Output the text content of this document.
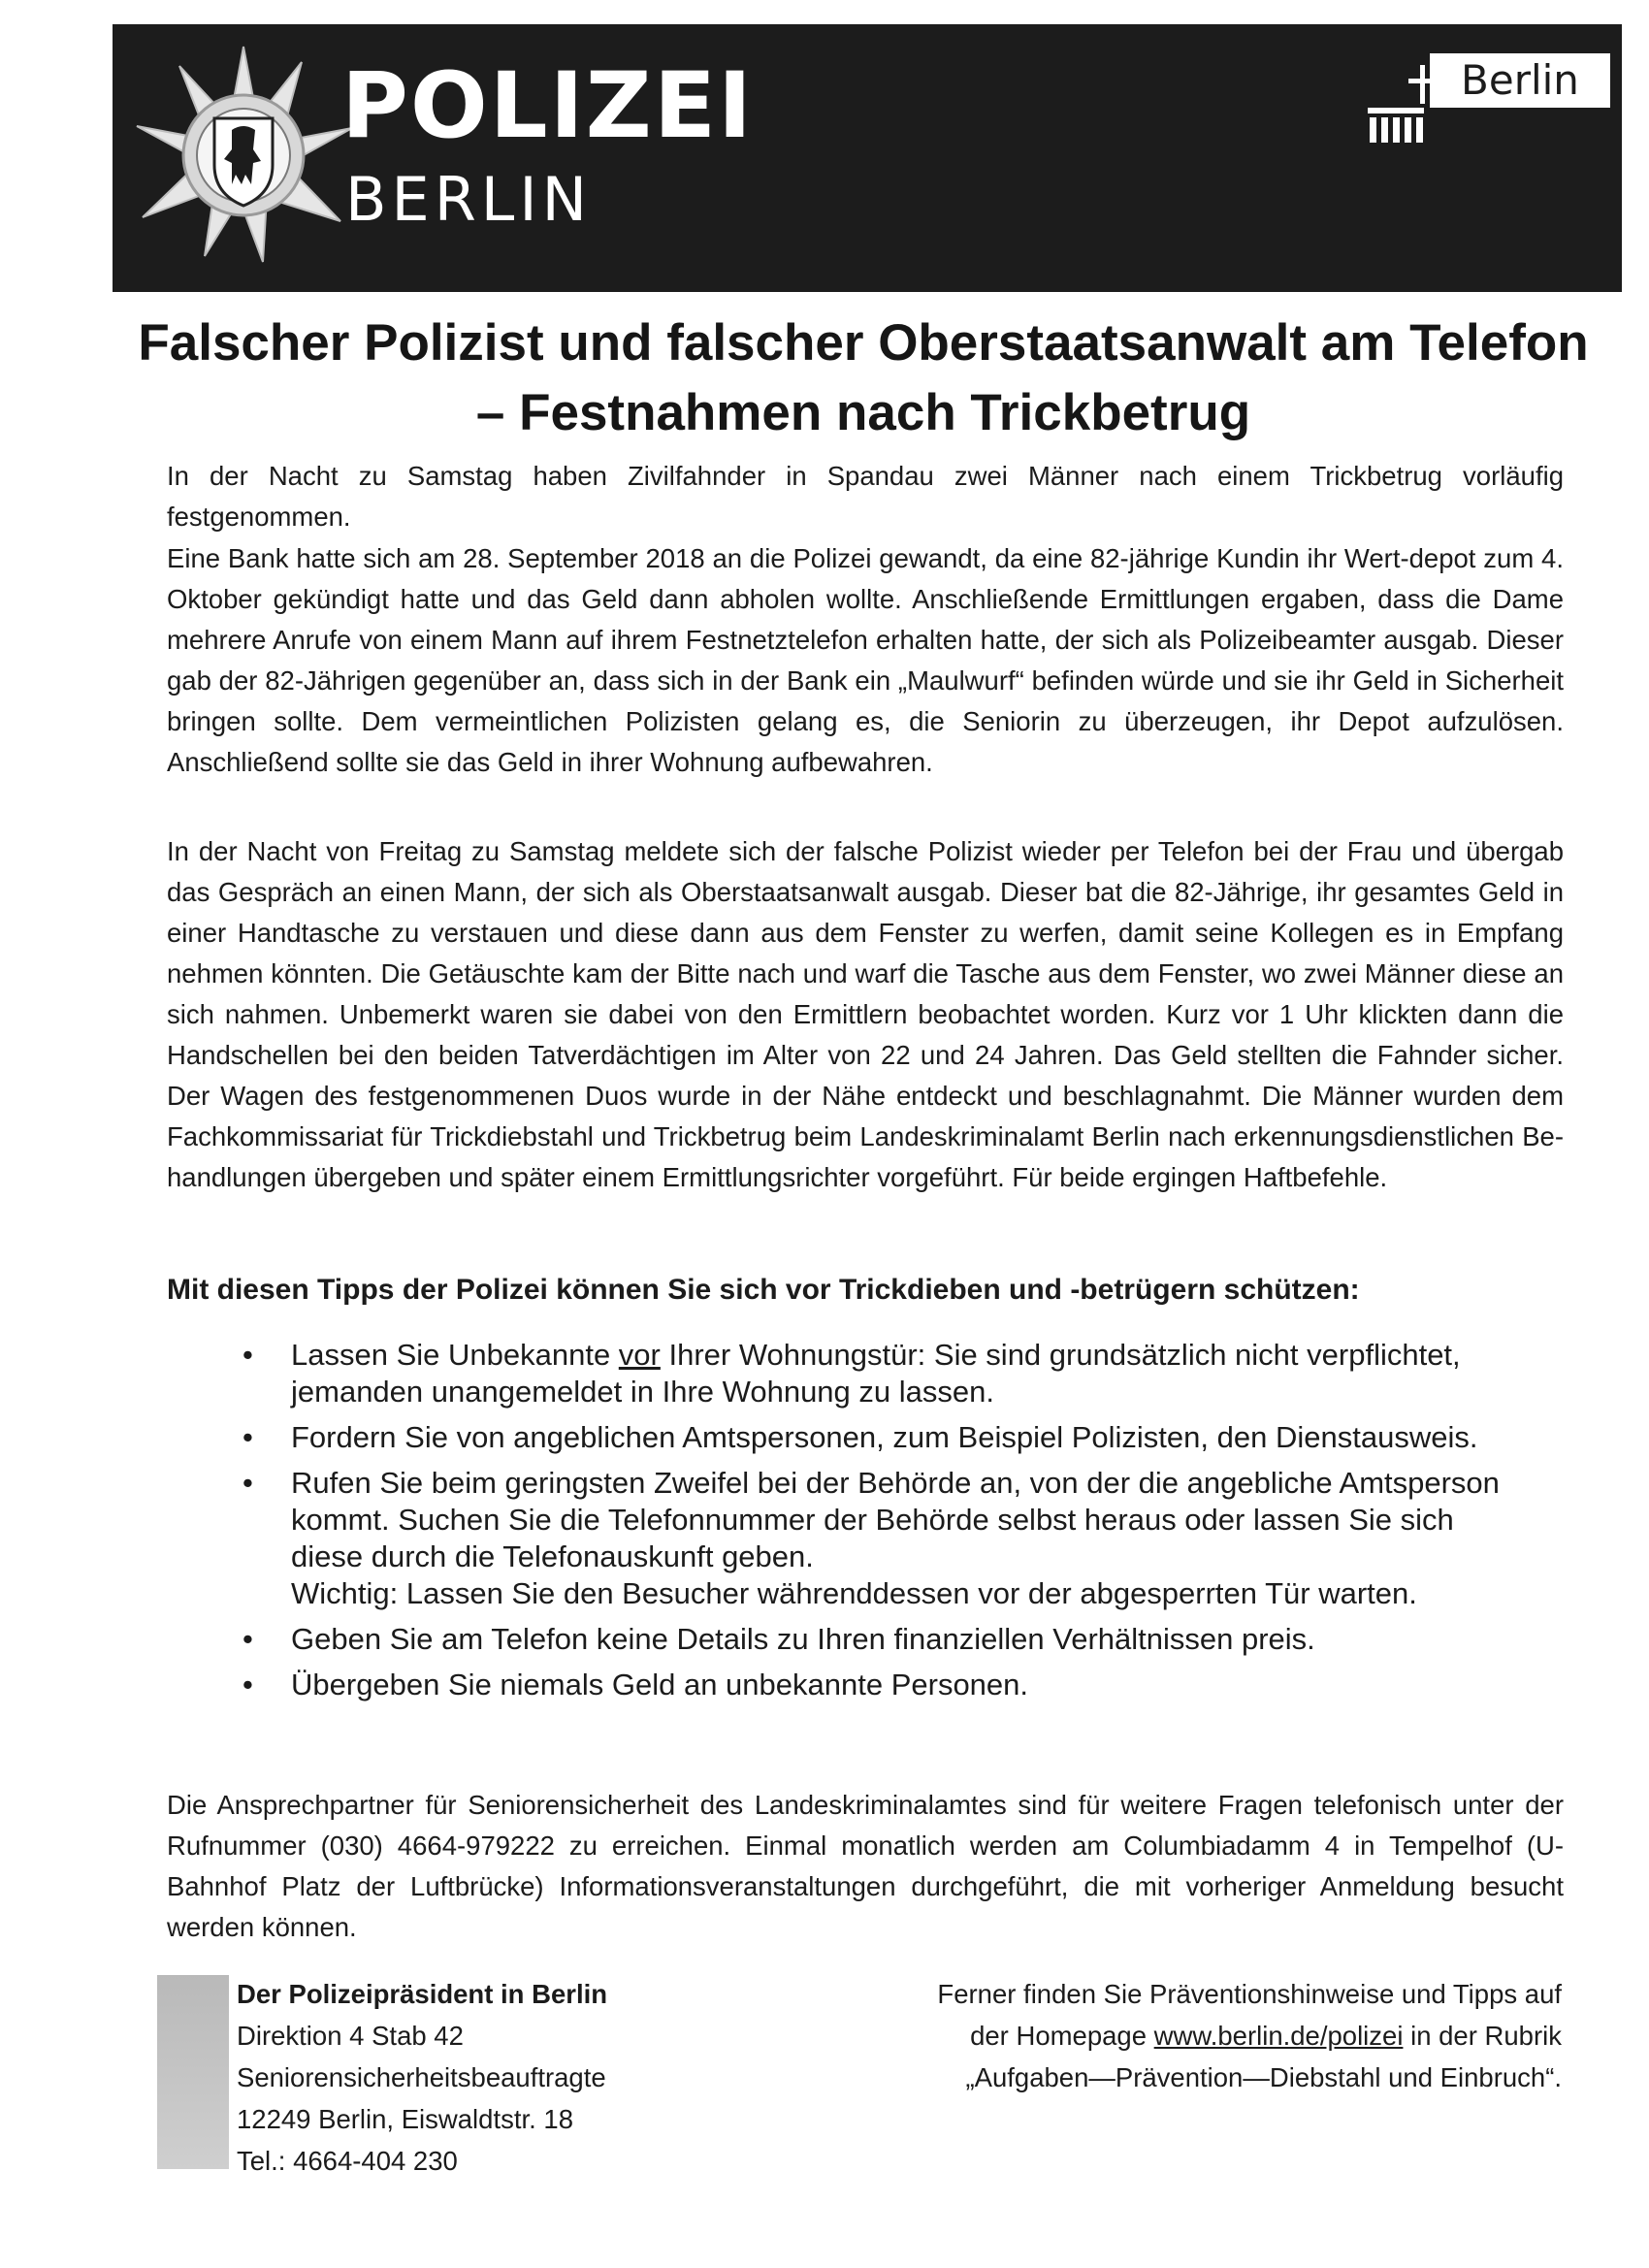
POLIZEI
BERLIN
Berlin
Falscher Polizist und falscher Oberstaatsanwalt am Telefon – Festnahmen nach Trickbetrug

In der Nacht zu Samstag haben Zivilfahnder in Spandau zwei Männer nach einem Trickbetrug vorläufig festgenommen.

Eine Bank hatte sich am 28. September 2018 an die Polizei gewandt, da eine 82-jährige Kundin ihr Wert-depot zum 4. Oktober gekündigt hatte und das Geld dann abholen wollte. Anschließende Ermittlungen ergaben, dass die Dame mehrere Anrufe von einem Mann auf ihrem Festnetztelefon erhalten hatte, der sich als Polizeibeamter ausgab. Dieser gab der 82-Jährigen gegenüber an, dass sich in der Bank ein „Maulwurf“ befinden würde und sie ihr Geld in Sicherheit bringen sollte. Dem vermeintlichen Polizisten gelang es, die Seniorin zu überzeugen, ihr Depot aufzulösen. Anschließend sollte sie das Geld in ihrer Wohnung aufbewahren.

In der Nacht von Freitag zu Samstag meldete sich der falsche Polizist wieder per Telefon bei der Frau und übergab das Gespräch an einen Mann, der sich als Oberstaatsanwalt ausgab. Dieser bat die 82-Jährige, ihr gesamtes Geld in einer Handtasche zu verstauen und diese dann aus dem Fenster zu werfen, damit seine Kollegen es in Empfang nehmen könnten. Die Getäuschte kam der Bitte nach und warf die Tasche aus dem Fenster, wo zwei Männer diese an sich nahmen. Unbemerkt waren sie dabei von den Ermittlern beobachtet worden. Kurz vor 1 Uhr klickten dann die Handschellen bei den beiden Tatverdächtigen im Alter von 22 und 24 Jahren. Das Geld stellten die Fahnder sicher. Der Wagen des festgenommenen Duos wurde in der Nähe entdeckt und beschlagnahmt. Die Männer wurden dem Fachkommissariat für Trickdiebstahl und Trickbetrug beim Landeskriminalamt Berlin nach erkennungsdienstlichen Be-handlungen übergeben und später einem Ermittlungsrichter vorgeführt. Für beide ergingen Haftbefehle.

Mit diesen Tipps der Polizei können Sie sich vor Trickdieben und -betrügern schützen:

• Lassen Sie Unbekannte vor Ihrer Wohnungstür: Sie sind grundsätzlich nicht verpflichtet, jemanden unangemeldet in Ihre Wohnung zu lassen.
• Fordern Sie von angeblichen Amtspersonen, zum Beispiel Polizisten, den Dienstausweis.
• Rufen Sie beim geringsten Zweifel bei der Behörde an, von der die angebliche Amtsperson kommt. Suchen Sie die Telefonnummer der Behörde selbst heraus oder lassen Sie sich diese durch die Telefonauskunft geben.
Wichtig: Lassen Sie den Besucher währenddessen vor der abgesperrten Tür warten.
• Geben Sie am Telefon keine Details zu Ihren finanziellen Verhältnissen preis.
• Übergeben Sie niemals Geld an unbekannte Personen.

Die Ansprechpartner für Seniorensicherheit des Landeskriminalamtes sind für weitere Fragen telefonisch unter der Rufnummer (030) 4664-979222 zu erreichen. Einmal monatlich werden am Columbiadamm 4 in Tempelhof (U-Bahnhof Platz der Luftbrücke) Informationsveranstaltungen durchgeführt, die mit vorheriger Anmeldung besucht werden können.

Der Polizeipräsident in Berlin
Direktion 4 Stab 42
Seniorensicherheitsbeauftragte
12249 Berlin, Eiswaldtstr. 18
Tel.: 4664-404 230
Ferner finden Sie Präventionshinweise und Tipps auf
der Homepage www.berlin.de/polizei in der Rubrik
„Aufgaben—Prävention—Diebstahl und Einbruch“.
